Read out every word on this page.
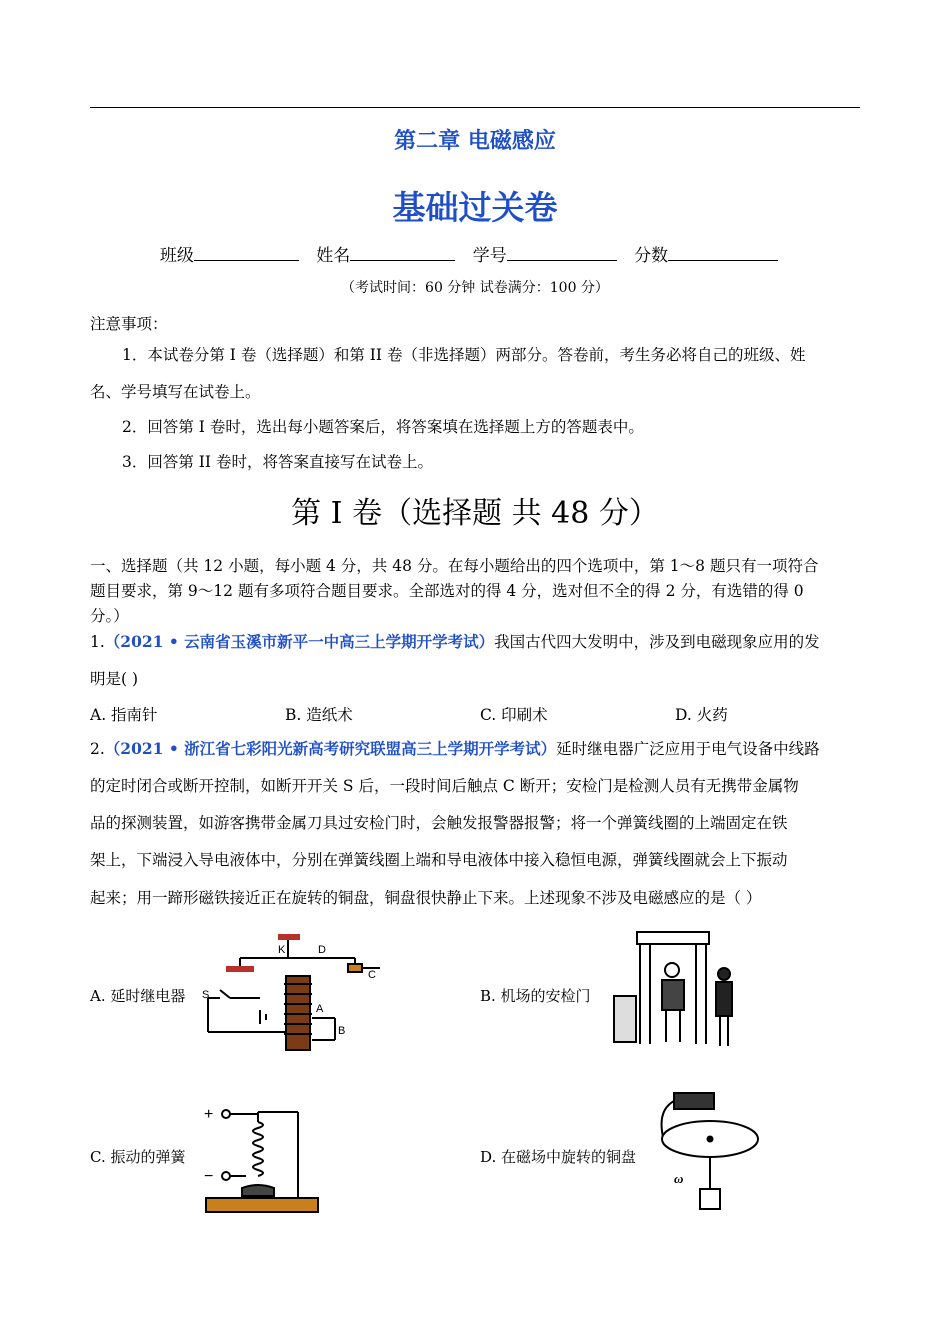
第二章 电磁感应
基础过关卷
班级	姓名	学号	分数
（考试时间：60 分钟 试卷满分：100 分）
注意事项：
1．本试卷分第 I 卷（选择题）和第 II 卷（非选择题）两部分。答卷前，考生务必将自己的班级、姓
名、学号填写在试卷上。
2．回答第 I 卷时，选出每小题答案后，将答案填在选择题上方的答题表中。
3．回答第 II 卷时，将答案直接写在试卷上。
第 I 卷（选择题 共 48 分）
一、选择题（共 12 小题，每小题 4 分，共 48 分。在每小题给出的四个选项中，第 1～8 题只有一项符合
题目要求，第 9～12 题有多项符合题目要求。全部选对的得 4 分，选对但不全的得 2 分，有选错的得 0
分。）
1.（2021 • 云南省玉溪市新平一中高三上学期开学考试）我国古代四大发明中，涉及到电磁现象应用的发
明是( )
A. 指南针	B. 造纸术	C. 印刷术	D. 火药
2.（2021 • 浙江省七彩阳光新高考研究联盟高三上学期开学考试）延时继电器广泛应用于电气设备中线路
的定时闭合或断开控制，如断开开关 S 后，一段时间后触点 C 断开；安检门是检测人员有无携带金属物
品的探测装置，如游客携带金属刀具过安检门时，会触发报警器报警；将一个弹簧线圈的上端固定在铁
架上，下端浸入导电液体中，分别在弹簧线圈上端和导电液体中接入稳恒电源，弹簧线圈就会上下振动
起来；用一蹄形磁铁接近正在旋转的铜盘，铜盘很快静止下来。上述现象不涉及电磁感应的是（ ）
A. 延时继电器
K	D
C
S
A
B
B. 机场的安检门
C. 振动的弹簧
+
−
D. 在磁场中旋转的铜盘
ω
